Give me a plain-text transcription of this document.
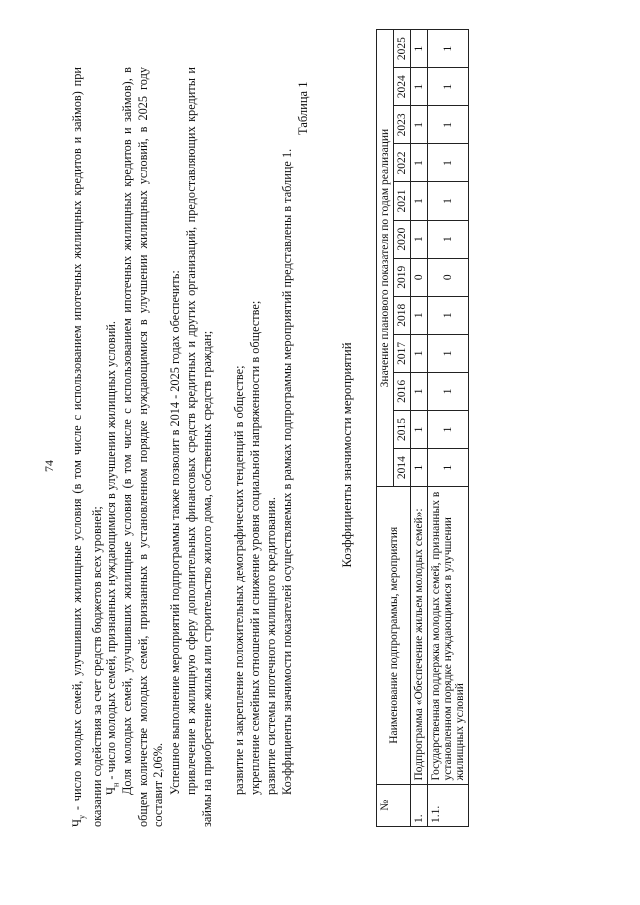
74

$Ч_у$ - число молодых семей, улучшивших жилищные условия (в том числе с использованием ипотечных жилищных кредитов и займов) при оказании содействия за счет средств бюджетов всех уровней; $Ч_н$ - число молодых семей, признанных нуждающимися в улучшении жилищных условий. Доля молодых семей, улучшивших жилищные условия (в том числе с использованием ипотечных жилищных кредитов и займов), в общем количестве молодых семей, признанных в установленном порядке нуждающимися в улучшении жилищных условий, в 2025 году составит 2,06%. Успешное выполнение мероприятий подпрограммы также позволит в 2014 - 2025 годах обеспечить: привлечение в жилищную сферу дополнительных финансовых средств кредитных и других организаций, предоставляющих кредиты и займы на приобретение жилья или строительство жилого дома, собственных средств граждан; развитие и закрепление положительных демографических тенденций в обществе; укрепление семейных отношений и снижение уровня социальной напряженности в обществе; развитие системы ипотечного жилищного кредитования. Коэффициенты значимости показателей осуществляемых в рамках подпрограммы мероприятий представлены в таблице 1.

Таблица 1
Коэффициенты значимости мероприятий
№	Наименование подпрограммы, мероприятия	Значение планового показателя по годам реализации											
		2014	2015	2016	2017	2018	2019	2020	2021	2022	2023	2024	2025
1.	Подпрограмма «Обеспечение жильем молодых семей»:	1	1	1	1	1	0	1	1	1	1	1	1
1.1.	Государственная поддержка молодых семей, признанных в установленном порядке нуждающимися в улучшении жилищных условий	1	1	1	1	1	0	1	1	1	1	1	1
